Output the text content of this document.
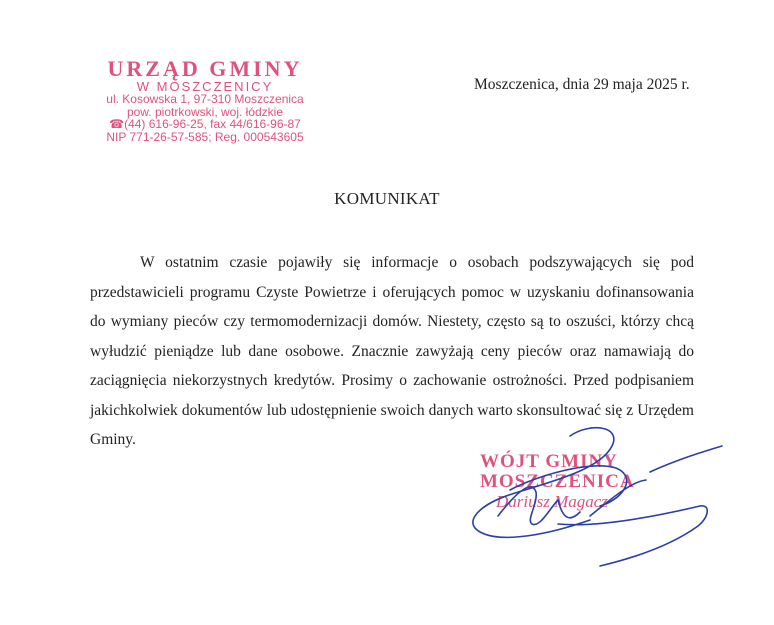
URZĄD GMINY
W MOSZCZENICY
ul. Kosowska 1, 97-310 Moszczenica
pow. piotrkowski, woj. łódzkie
☎(44) 616-96-25, fax 44/616-96-87
NIP 771-26-57-585; Reg. 000543605
Moszczenica, dnia 29 maja 2025 r.
KOMUNIKAT

W ostatnim czasie pojawiły się informacje o osobach podszywających się pod przedstawicieli programu Czyste Powietrze i oferujących pomoc w uzyskaniu dofinansowania do wymiany pieców czy termomodernizacji domów. Niestety, często są to oszuści, którzy chcą wyłudzić pieniądze lub dane osobowe. Znacznie zawyżają ceny pieców oraz namawiają do zaciągnięcia niekorzystnych kredytów. Prosimy o zachowanie ostrożności. Przed podpisaniem jakichkolwiek dokumentów lub udostępnienie swoich danych warto skonsultować się z Urzędem Gminy.

WÓJT GMINY
MOSZCZENICA
Dariusz Magacz
